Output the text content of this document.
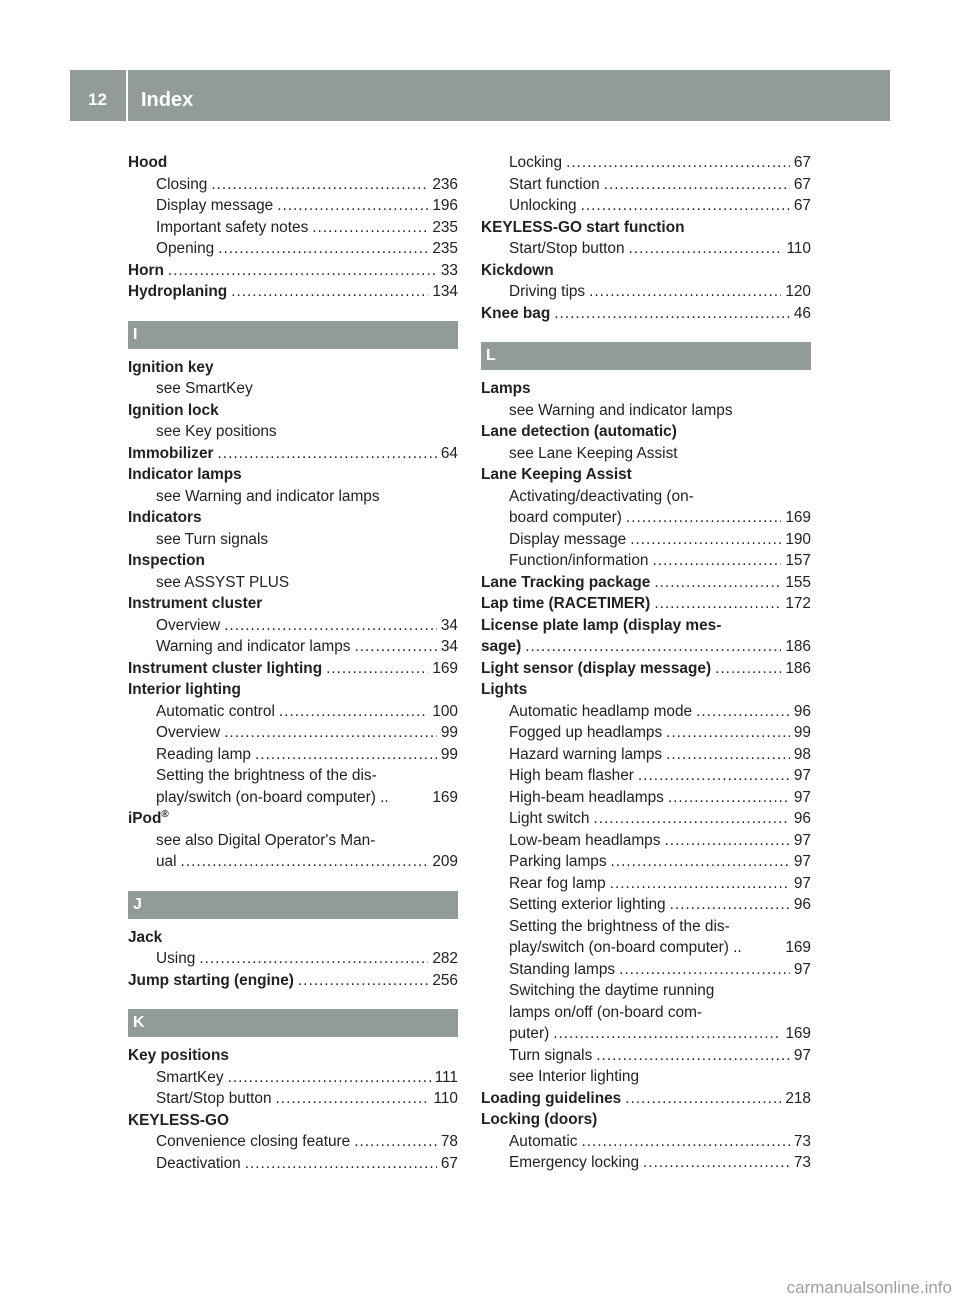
12	Index
Hood
Closing .....	236
Display message .....	196
Important safety notes .....	235
Opening .....	235
Horn .....	33
Hydroplaning .....	134
I
Ignition key
see SmartKey
Ignition lock
see Key positions
Immobilizer .....	64
Indicator lamps
see Warning and indicator lamps
Indicators
see Turn signals
Inspection
see ASSYST PLUS
Instrument cluster
Overview .....	34
Warning and indicator lamps .....	34
Instrument cluster lighting .....	169
Interior lighting
Automatic control .....	100
Overview .....	99
Reading lamp .....	99
Setting the brightness of the dis-
play/switch (on-board computer) ..	169
iPod®
see also Digital Operator's Man-
ual .....	209
J
Jack
Using .....	282
Jump starting (engine) .....	256
K
Key positions
SmartKey .....	111
Start/Stop button .....	110
KEYLESS-GO
Convenience closing feature .....	78
Deactivation .....	67
Locking .....	67
Start function .....	67
Unlocking .....	67
KEYLESS-GO start function
Start/Stop button .....	110
Kickdown
Driving tips .....	120
Knee bag .....	46
L
Lamps
see Warning and indicator lamps
Lane detection (automatic)
see Lane Keeping Assist
Lane Keeping Assist
Activating/deactivating (on-
board computer) .....	169
Display message .....	190
Function/information .....	157
Lane Tracking package .....	155
Lap time (RACETIMER) .....	172
License plate lamp (display mes-
sage) .....	186
Light sensor (display message) .....	186
Lights
Automatic headlamp mode .....	96
Fogged up headlamps .....	99
Hazard warning lamps .....	98
High beam flasher .....	97
High-beam headlamps .....	97
Light switch .....	96
Low-beam headlamps .....	97
Parking lamps .....	97
Rear fog lamp .....	97
Setting exterior lighting .....	96
Setting the brightness of the dis-
play/switch (on-board computer) ..	169
Standing lamps .....	97
Switching the daytime running
lamps on/off (on-board com-
puter) .....	169
Turn signals .....	97
see Interior lighting
Loading guidelines .....	218
Locking (doors)
Automatic .....	73
Emergency locking .....	73
carmanualsonline.info
